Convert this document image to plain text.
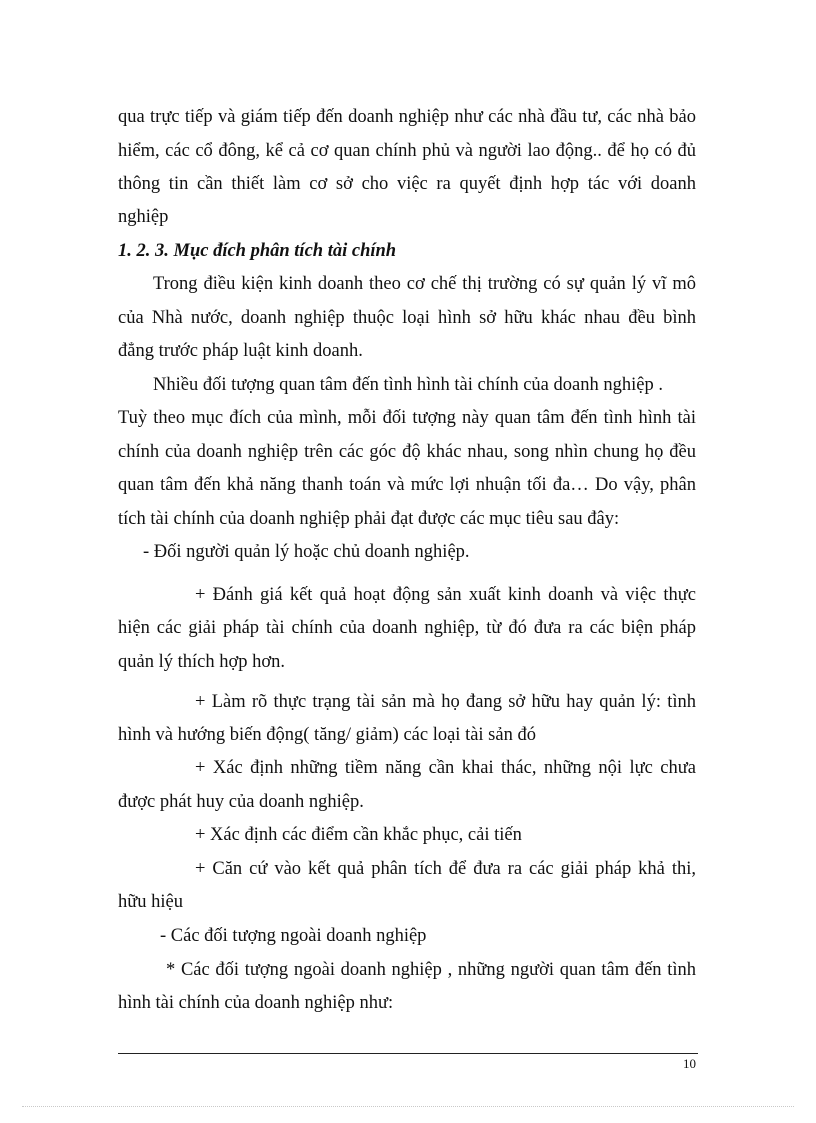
qua trực tiếp và giám tiếp đến doanh nghiệp như các nhà đầu tư, các nhà bảo
hiểm, các cổ đông, kể cả cơ quan chính phủ và người lao động.. để họ có đủ
thông tin cần thiết làm cơ sở cho việc ra quyết định hợp tác với doanh
nghiệp
1. 2. 3. Mục đích phân tích tài chính
Trong điều kiện kinh doanh theo cơ chế thị trường có sự quản lý vĩ mô
của Nhà nước, doanh nghiệp thuộc loại hình sở hữu khác nhau đều bình
đẳng trước pháp luật kinh doanh.
Nhiều đối tượng quan tâm đến tình hình tài chính của doanh nghiệp .
Tuỳ theo mục đích của mình, mỗi đối tượng này quan tâm đến tình hình tài
chính của doanh nghiệp trên các góc độ khác nhau, song nhìn chung họ đều
quan tâm đến khả năng thanh toán và mức lợi nhuận tối đa… Do vậy, phân
tích tài chính của doanh nghiệp phải đạt được các mục tiêu sau đây:
- Đối người quản lý hoặc chủ doanh nghiệp.
+ Đánh giá kết quả hoạt động sản xuất kinh doanh và việc thực
hiện các giải pháp tài chính của doanh nghiệp, từ đó đưa ra các biện pháp
quản lý thích hợp hơn.
+ Làm rõ thực trạng tài sản mà họ đang sở hữu hay quản lý: tình
hình và hướng biến động( tăng/ giảm) các loại tài sản đó
+ Xác định những tiềm năng cần khai thác, những nội lực chưa
được phát huy của doanh nghiệp.
+ Xác định các điểm cần khắc phục, cải tiến
+ Căn cứ vào kết quả phân tích để đưa ra các giải pháp khả thi,
hữu hiệu
- Các đối tượng ngoài doanh nghiệp
* Các đối tượng ngoài doanh nghiệp , những người quan tâm đến tình
hình tài chính của doanh nghiệp như:
10
